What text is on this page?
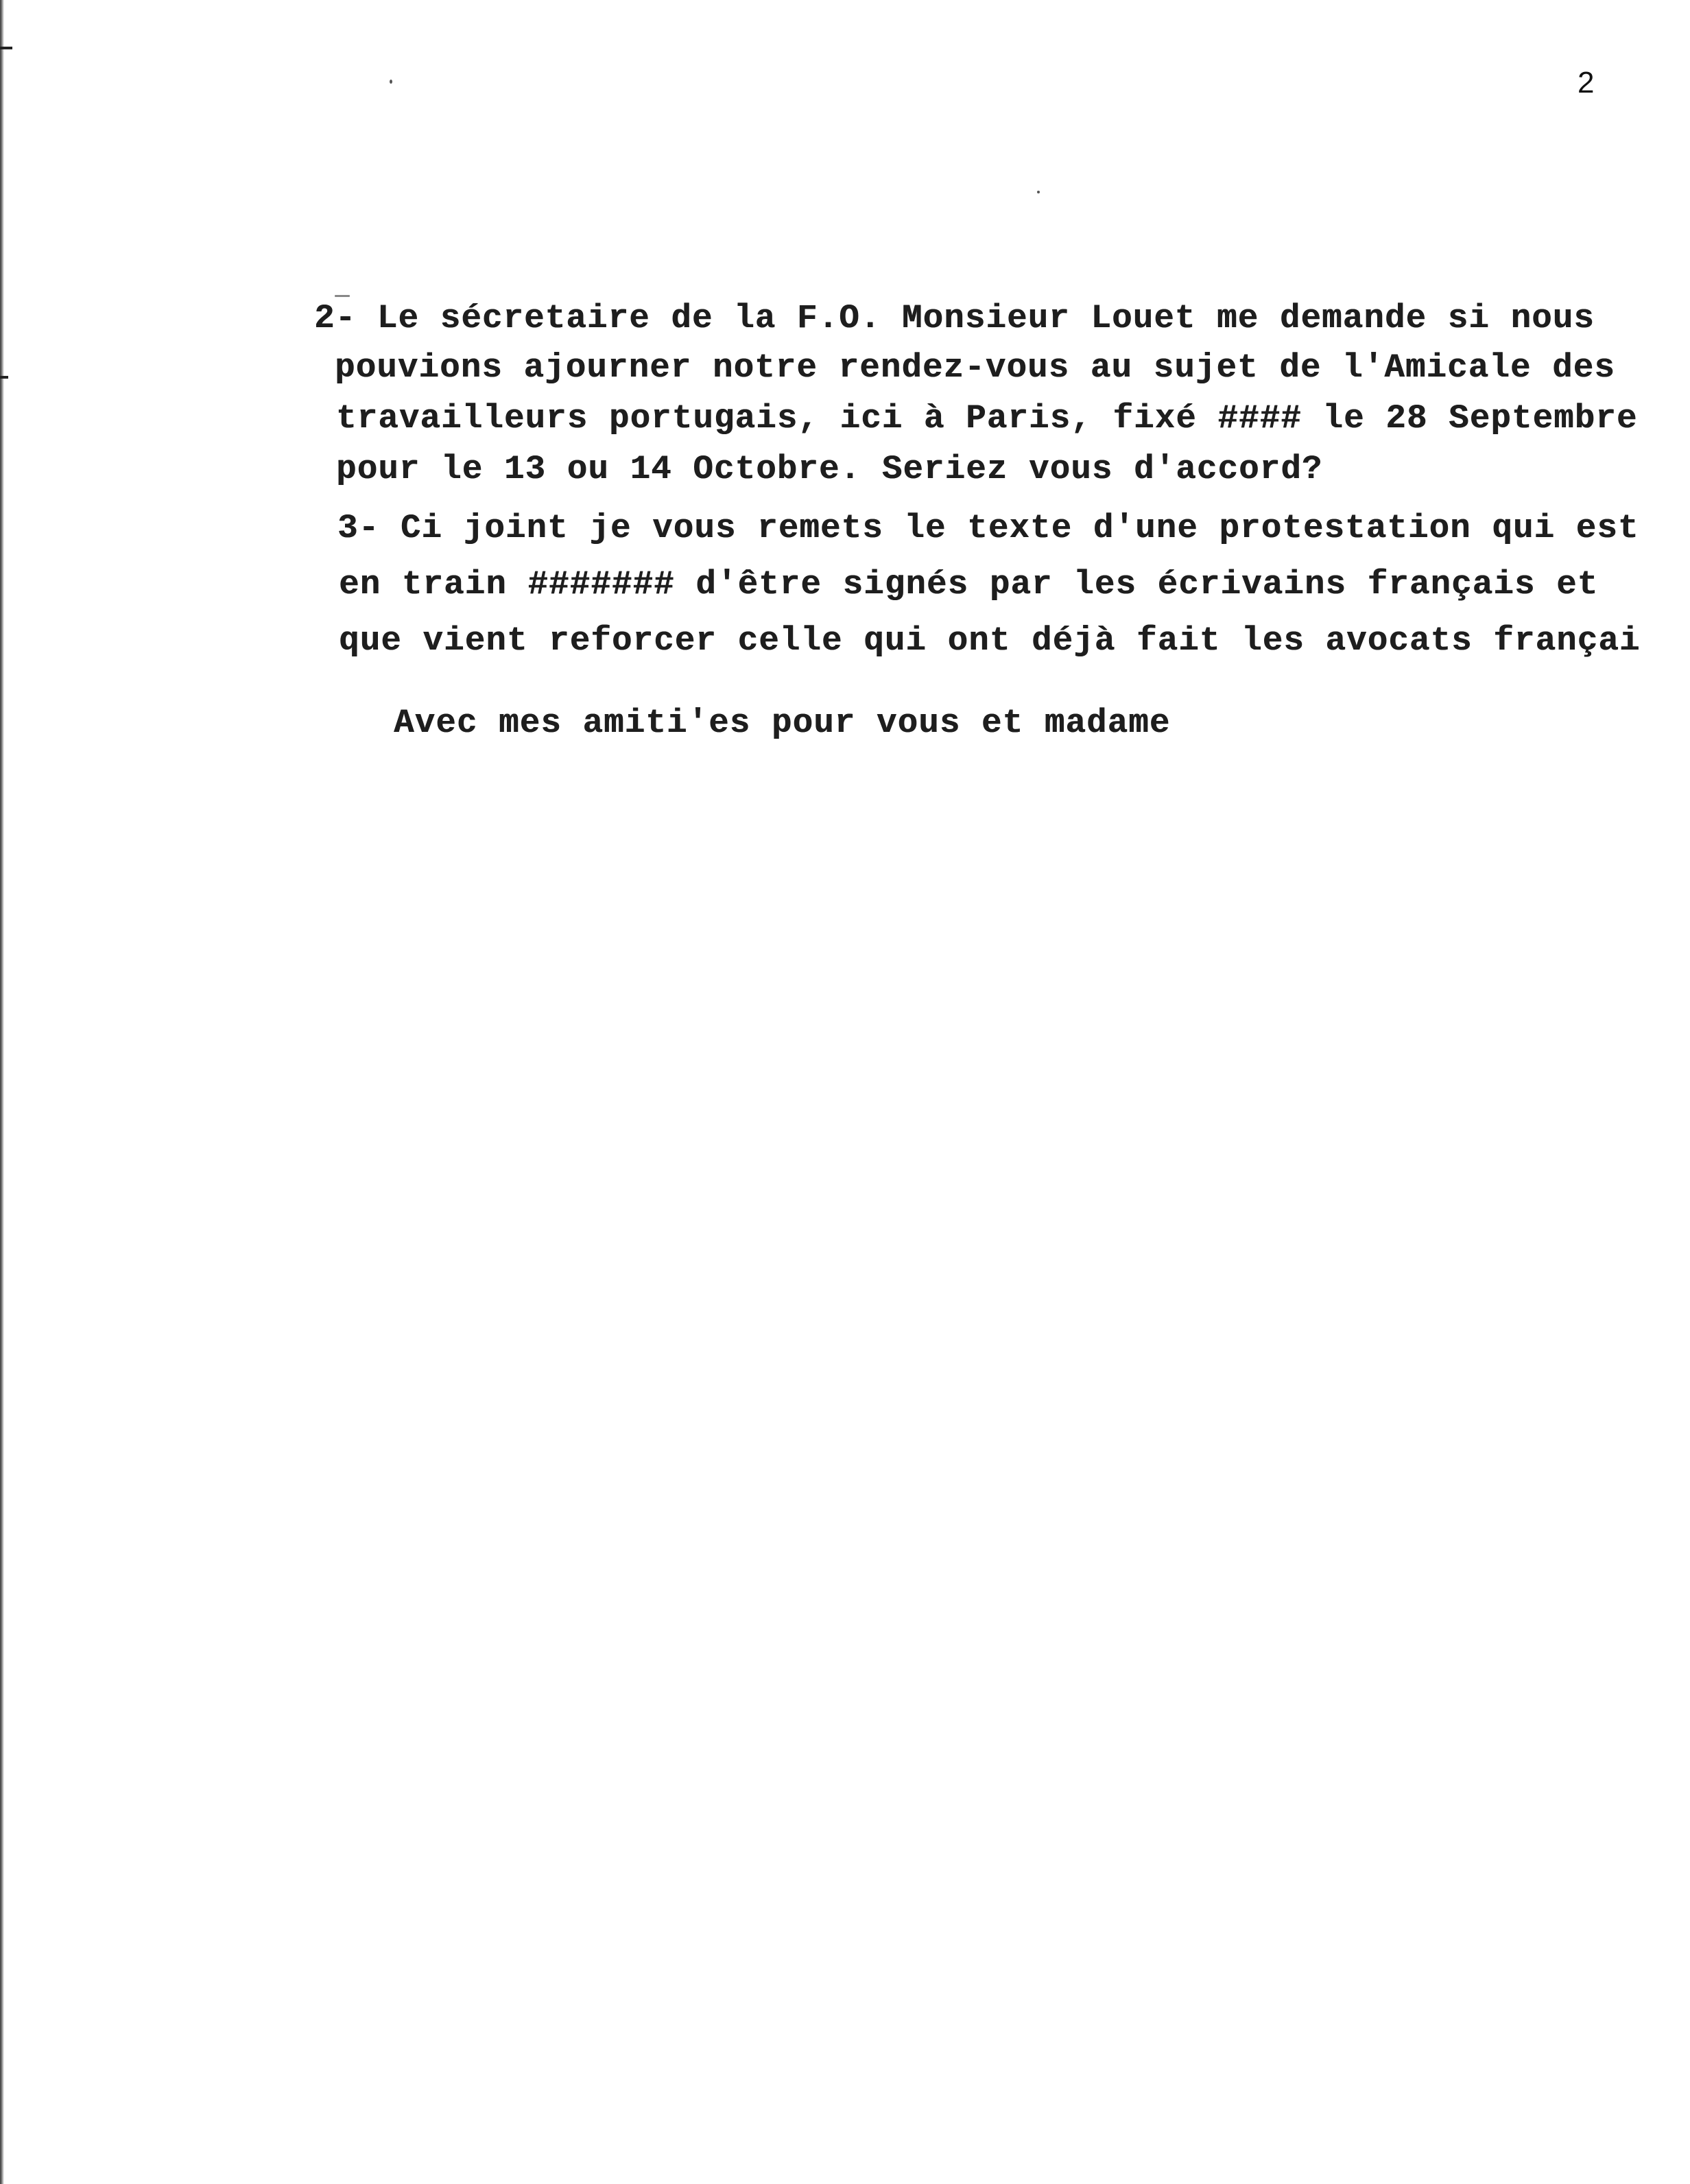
2
2- Le sécretaire de la F.O. Monsieur Louet me demande si nous
pouvions ajourner notre rendez-vous au sujet de l'Amicale des
travailleurs portugais, ici à Paris, fixé #### le 28 Septembre
pour le 13 ou 14 Octobre. Seriez vous d'accord?
3- Ci joint je vous remets le texte d'une protestation qui est
en train ####### d'être signés par les écrivains français et
que vient reforcer celle qui ont déjà fait les avocats françai
Avec mes amiti'es pour vous et madame
